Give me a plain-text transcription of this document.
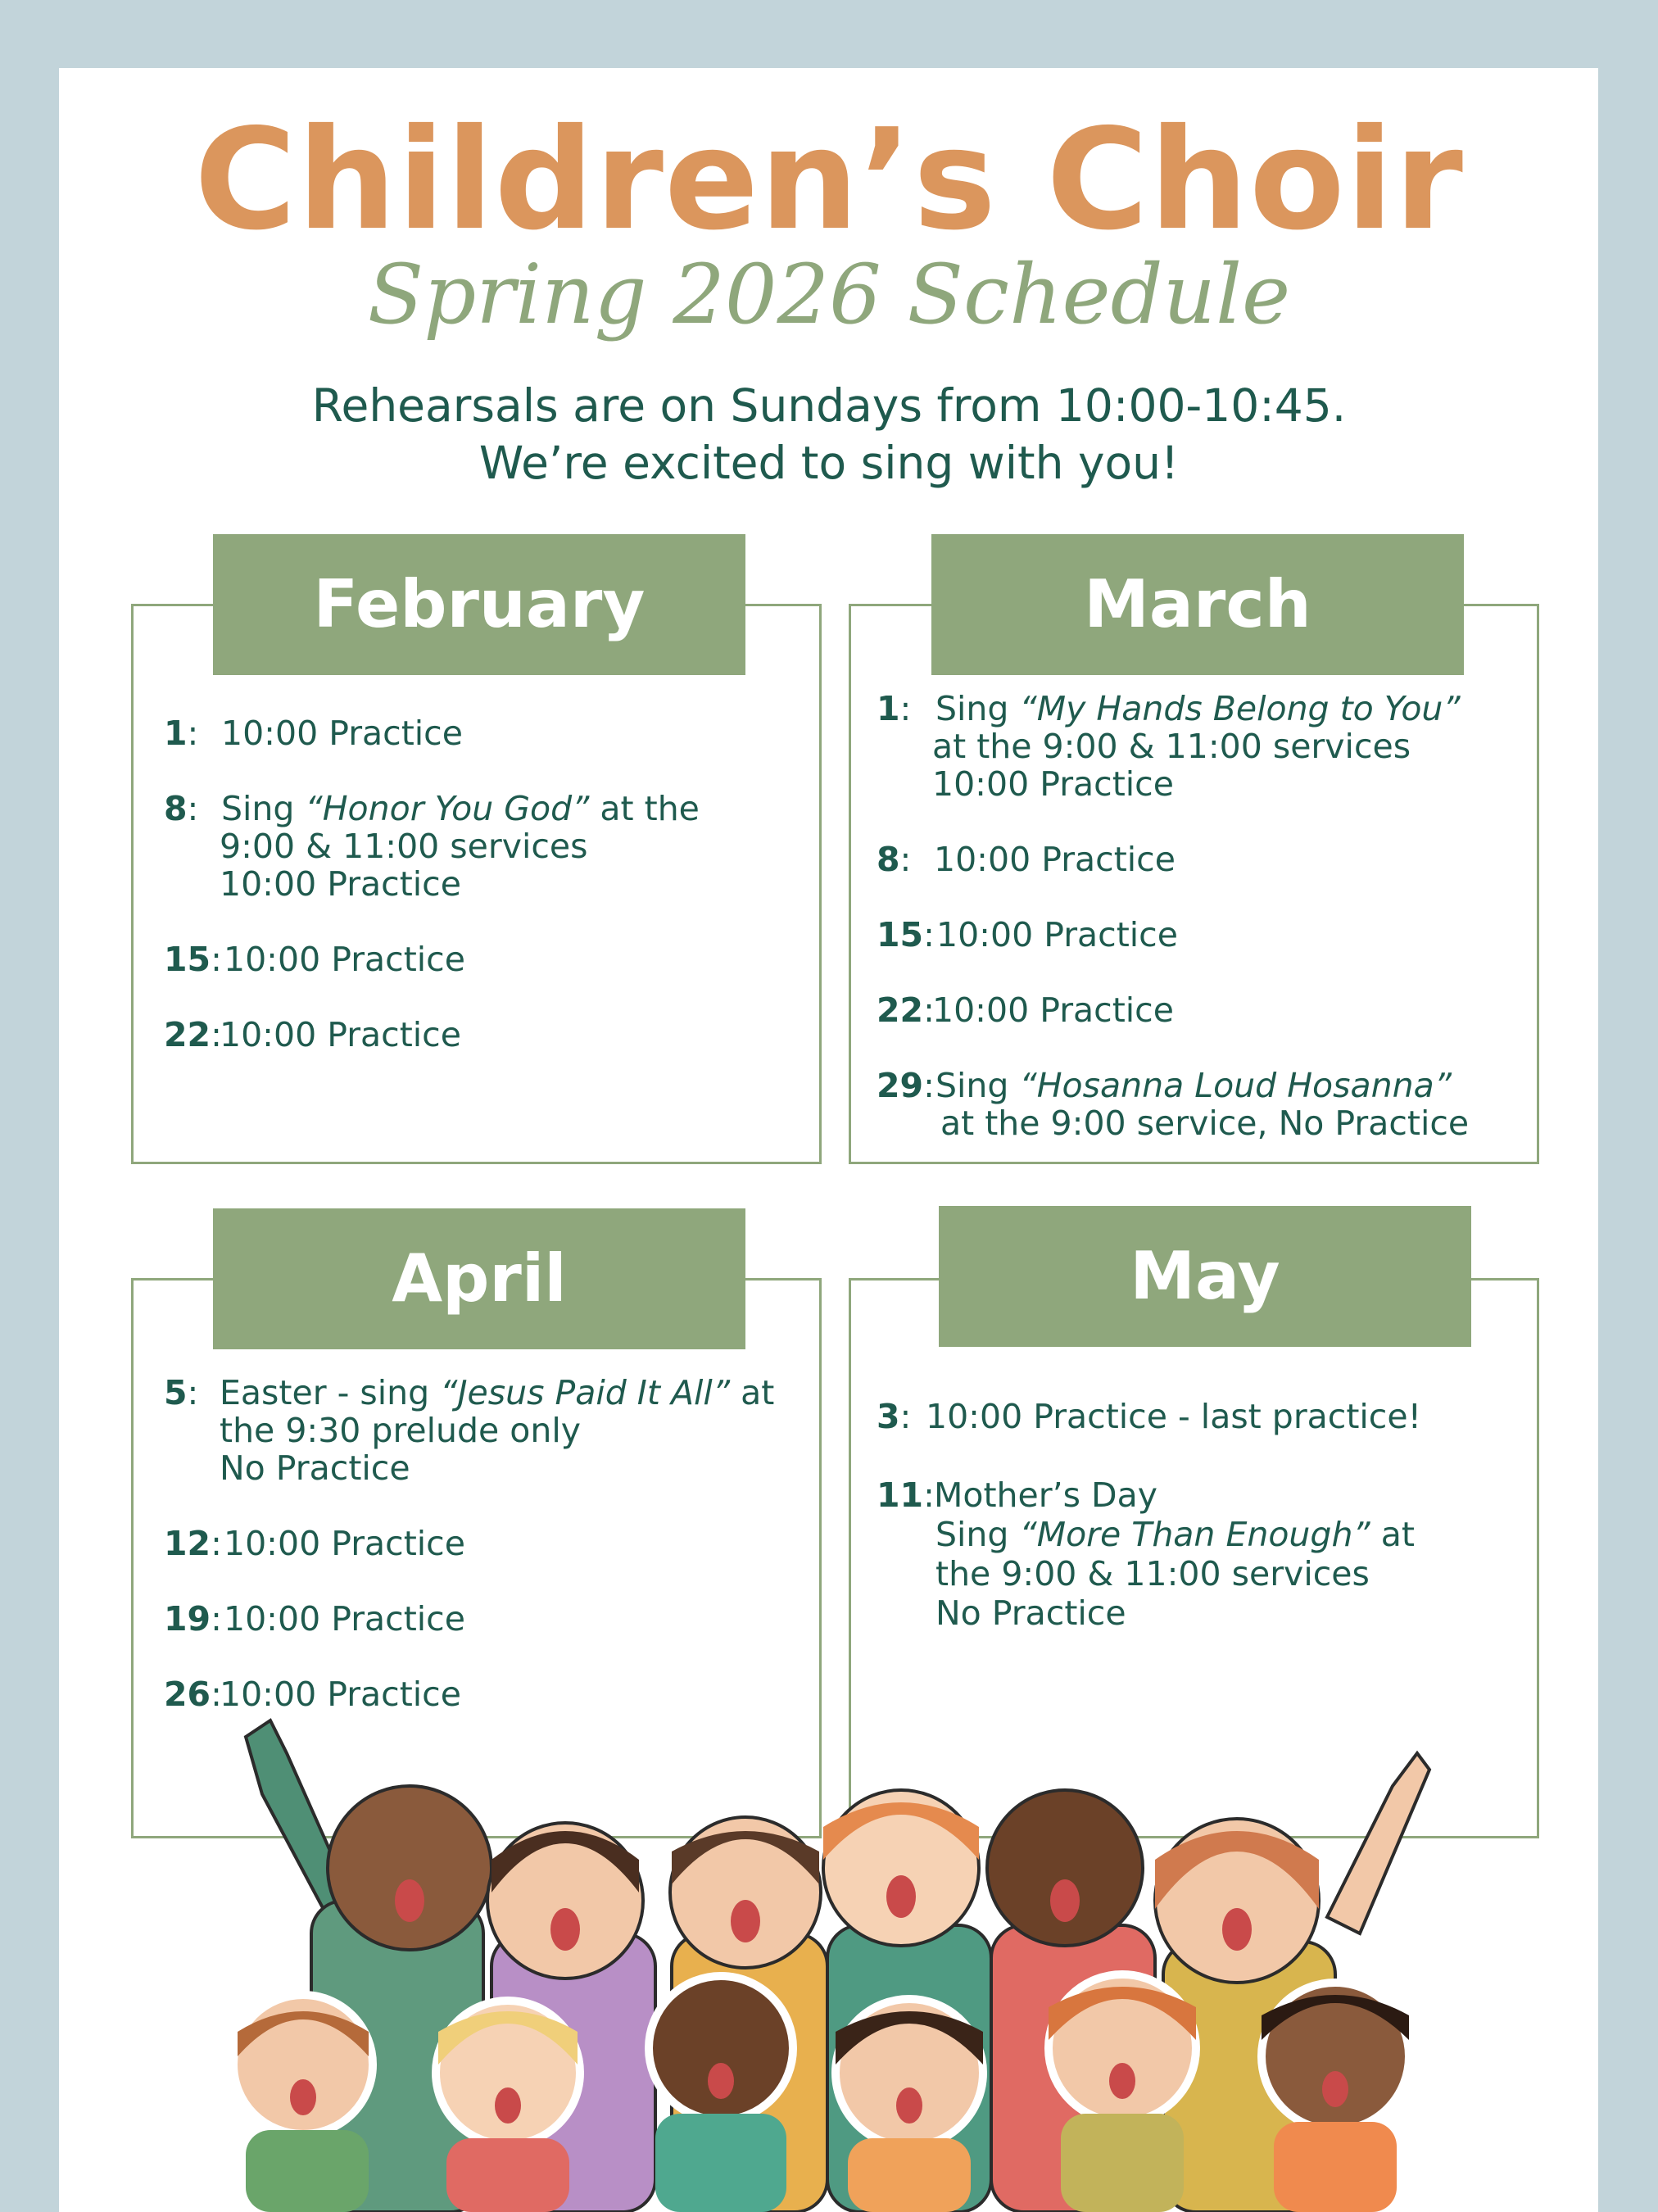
Children’s Choir
Spring 2026 Schedule
Rehearsals are on Sundays from 10:00-10:45.
We’re excited to sing with you!
February
1: 10:00 Practice
8: Sing “Honor You God” at the
9:00 & 11:00 services
10:00 Practice
15: 10:00 Practice
22:
10:00 Practice
March
1: Sing “My Hands Belong to You”
at the 9:00 & 11:00 services
10:00 Practice
8: 10:00 Practice
15: 10:00 Practice
22:
10:00 Practice
29: Sing “Hosanna Loud Hosanna”
at the 9:00 service, No Practice
April
5: Easter - sing “Jesus Paid It All” at
the 9:30 prelude only
No Practice
12: 10:00 Practice
19: 10:00 Practice
26:
10:00 Practice
May
3: 10:00 Practice - last practice!
11: Mother’s Day
Sing “More Than Enough” at
the 9:00 & 11:00 services
No Practice
